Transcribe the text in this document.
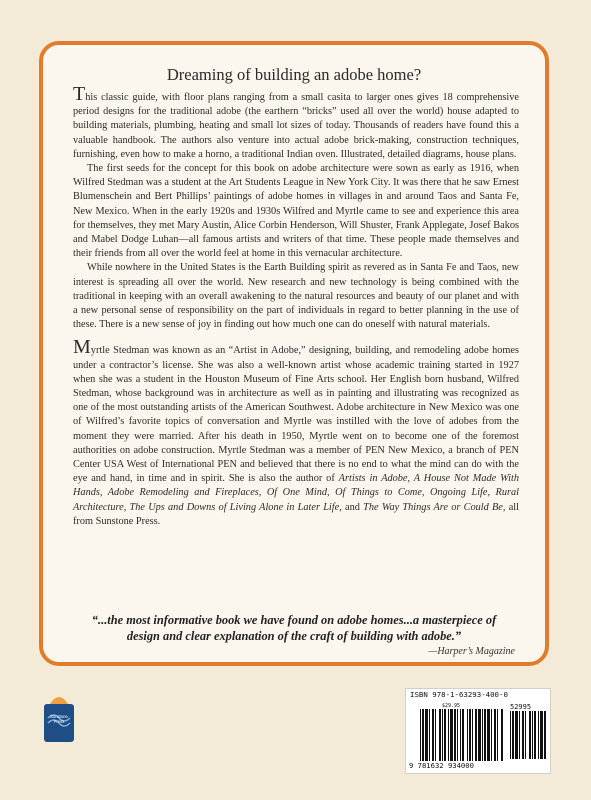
Dreaming of building an adobe home?

This classic guide, with floor plans ranging from a small casita to larger ones gives 18 comprehensive period designs for the traditional adobe (the earthern “bricks” used all over the world) house adapted to building materials, plumbing, heating and small lot sizes of today. Thousands of readers have found this a valuable handbook. The authors also venture into actual adobe brick-making, construction techniques, furnishing, even how to make a horno, a traditional Indian oven. Illustrated, detailed diagrams, house plans.

The first seeds for the concept for this book on adobe architecture were sown as early as 1916, when Wilfred Stedman was a student at the Art Students League in New York City. It was there that he saw Ernest Blumenschein and Bert Phillips’ paintings of adobe homes in villages in and around Taos and Santa Fe, New Mexico. When in the early 1920s and 1930s Wilfred and Myrtle came to see and experience this area for themselves, they met Mary Austin, Alice Corbin Henderson, Will Shuster, Frank Applegate, Josef Bakos and Mabel Dodge Luhan—all famous artists and writers of that time. These people made themselves and their friends from all over the world feel at home in this vernacular architecture.

While nowhere in the United States is the Earth Building spirit as revered as in Santa Fe and Taos, new interest is spreading all over the world. New research and new technology is being combined with the traditional in keeping with an overall awakening to the natural resources and beauty of our planet and with a new personal sense of responsibility on the part of individuals in regard to better planning in the use of these. There is a new sense of joy in finding out how much one can do oneself with natural materials.

Myrtle Stedman was known as an “Artist in Adobe,” designing, building, and remodeling adobe homes under a contractor’s license. She was also a well-known artist whose academic training started in 1927 when she was a student in the Houston Museum of Fine Arts school. Her English born husband, Wilfred Stedman, whose background was in architecture as well as in painting and illustrating was recognized as one of the most outstanding artists of the American Southwest. Adobe architecture in New Mexico was one of Wilfred’s favorite topics of conversation and Myrtle was instilled with the love of adobes from the moment they were married. After his death in 1950, Myrtle went on to become one of the foremost authorities on adobe construction. Myrtle Stedman was a member of PEN New Mexico, a branch of PEN Center USA West of International PEN and believed that there is no end to what the mind can do with the eye and hand, in time and in spirit. She is also the author of Artists in Adobe, A House Not Made With Hands, Adobe Remodeling and Fireplaces, Of One Mind, Of Things to Come, Ongoing Life, Rural Architecture, The Ups and Downs of Living Alone in Later Life, and The Way Things Are or Could Be, all from Sunstone Press.

“...the most informative book we have found on adobe homes...a masterpiece of design and clear explanation of the craft of building with adobe.”
—Harper’s Magazine
Sunstone Press
ISBN 978-1-63293-400-0
$29.95	52995
9 781632 934000
